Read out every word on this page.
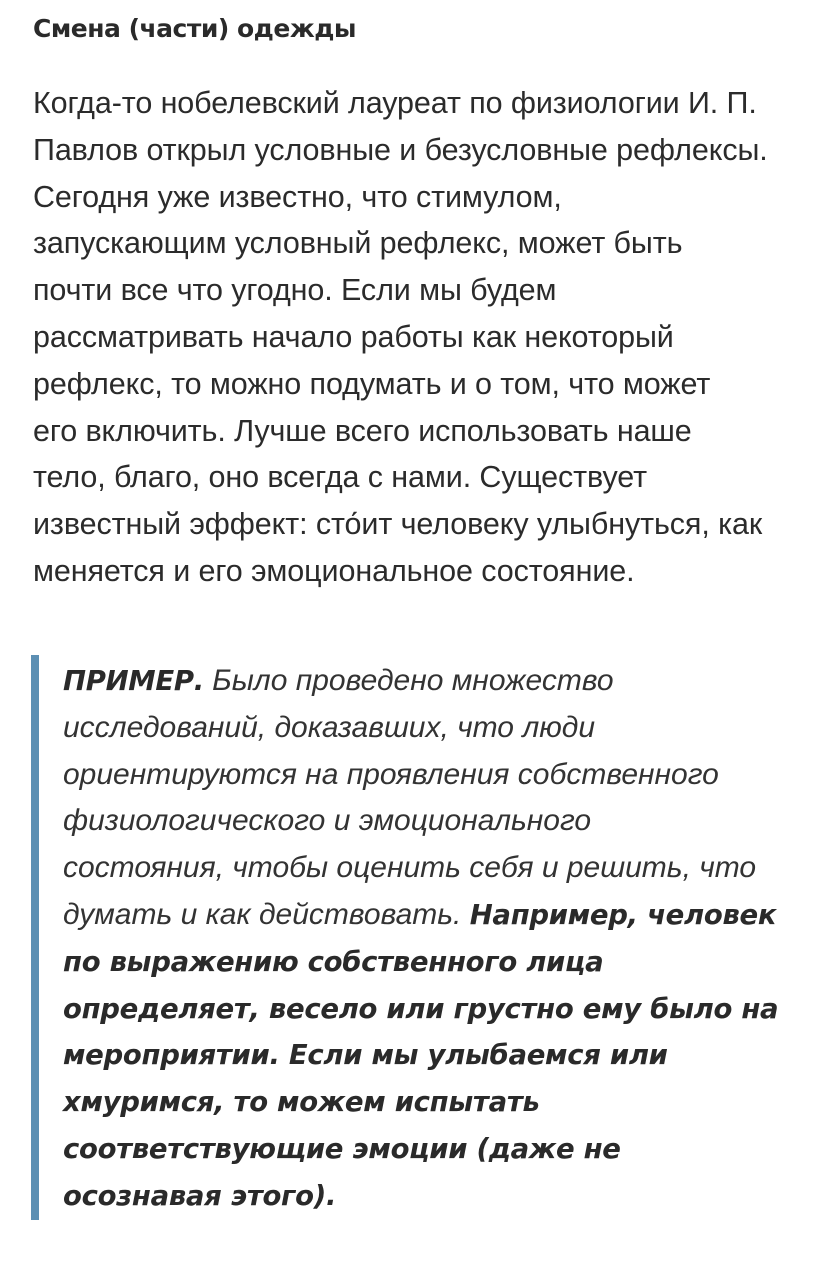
Смена (части) одежды
Когда-то нобелевский лауреат по физиологии И. П.
Павлов открыл условные и безусловные рефлексы.
Сегодня уже известно, что стимулом,
запускающим условный рефлекс, может быть
почти все что угодно. Если мы будем
рассматривать начало работы как некоторый
рефлекс, то можно подумать и о том, что может
его включить. Лучше всего использовать наше
тело, благо, оно всегда с нами. Существует
известный эффект: сто́ит человеку улыбнуться, как
меняется и его эмоциональное состояние.
ПРИМЕР. Было проведено множество
исследований, доказавших, что люди
ориентируются на проявления собственного
физиологического и эмоционального
состояния, чтобы оценить себя и решить, что
думать и как действовать. Например, человек
по выражению собственного лица
определяет, весело или грустно ему было на
мероприятии. Если мы улыбаемся или
хмуримся, то можем испытать
соответствующие эмоции (даже не
осознавая этого).
